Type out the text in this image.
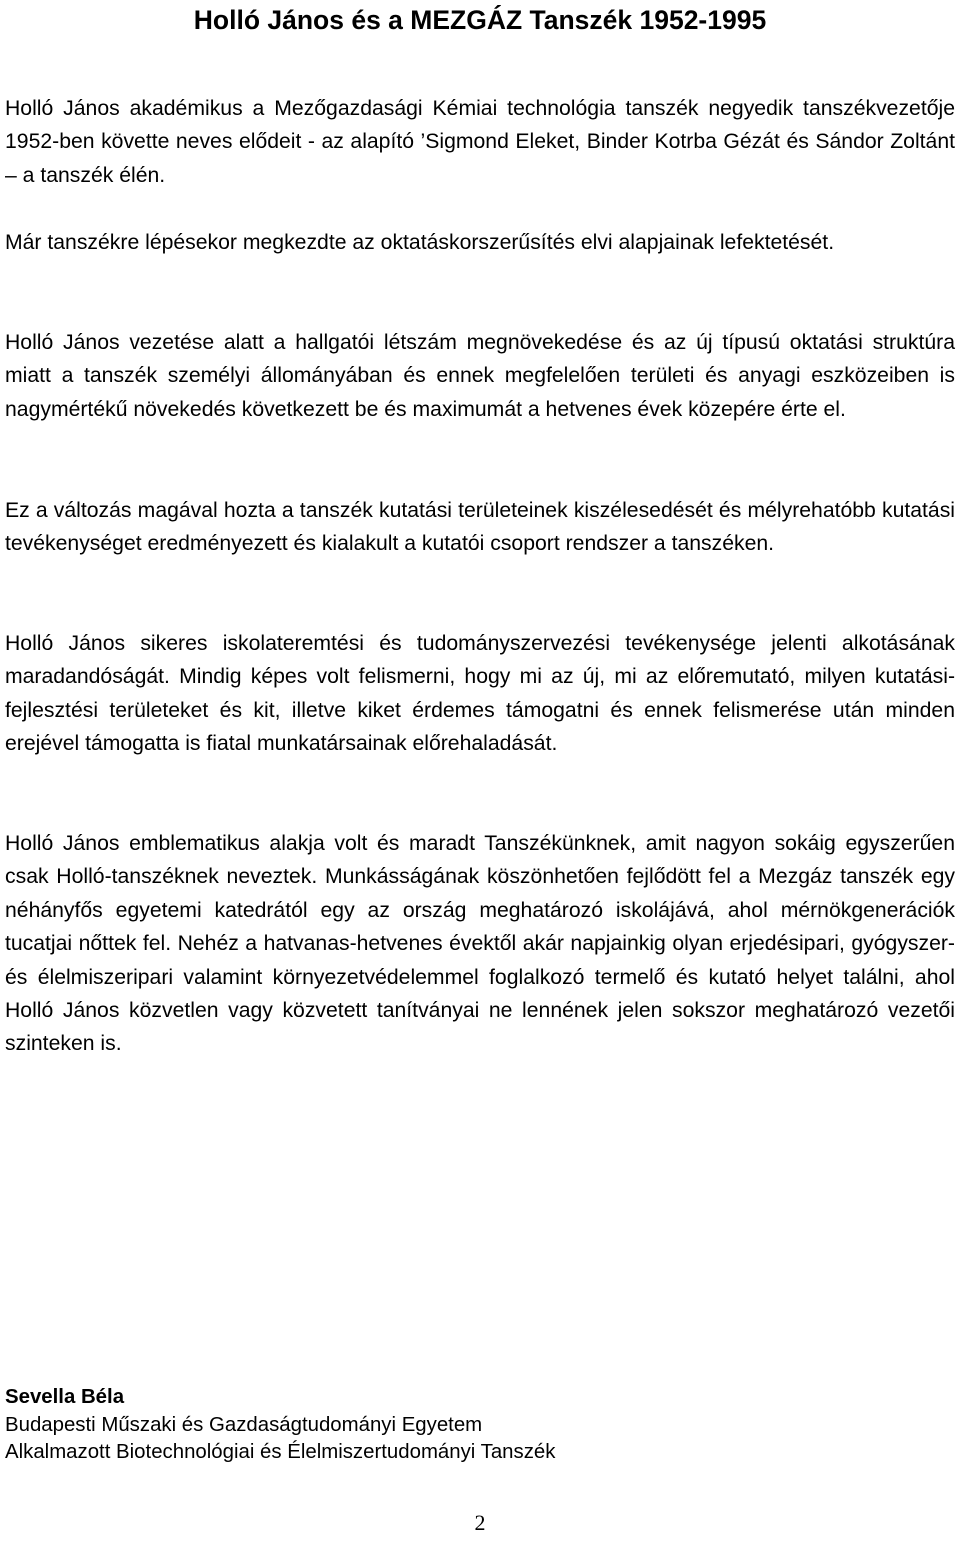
Holló János és a MEZGÁZ Tanszék 1952-1995

Holló János akadémikus a Mezőgazdasági Kémiai technológia tanszék negyedik tanszékvezetője 1952-ben követte neves elődeit - az alapító ’Sigmond Eleket, Binder Kotrba Gézát és Sándor Zoltánt – a tanszék élén.

Már tanszékre lépésekor megkezdte az oktatáskorszerűsítés elvi alapjainak lefektetését.

Holló János vezetése alatt a hallgatói létszám megnövekedése és az új típusú oktatási struktúra miatt a tanszék személyi állományában és ennek megfelelően területi és anyagi eszközeiben is nagymértékű növekedés következett be és maximumát a hetvenes évek közepére érte el.

Ez a változás magával hozta a tanszék kutatási területeinek kiszélesedését és mélyrehatóbb kutatási tevékenységet eredményezett és kialakult a kutatói csoport rendszer a tanszéken.

Holló János sikeres iskolateremtési és tudományszervezési tevékenysége jelenti alkotásának maradandóságát. Mindig képes volt felismerni, hogy mi az új, mi az előremutató, milyen kutatási-fejlesztési területeket és kit, illetve kiket érdemes támogatni és ennek felismerése után minden erejével támogatta is fiatal munkatársainak előrehaladását.

Holló János emblematikus alakja volt és maradt Tanszékünknek, amit nagyon sokáig egyszerűen csak Holló-tanszéknek neveztek. Munkásságának köszönhetően fejlődött fel a Mezgáz tanszék egy néhányfős egyetemi katedrától egy az ország meghatározó iskolájává, ahol mérnökgenerációk tucatjai nőttek fel. Nehéz a hatvanas-hetvenes évektől akár napjainkig olyan erjedésipari, gyógyszer- és élelmiszeripari valamint környezetvédelemmel foglalkozó termelő és kutató helyet találni, ahol Holló János közvetlen vagy közvetett tanítványai ne lennének jelen sokszor meghatározó vezetői szinteken is.

Sevella Béla
Budapesti Műszaki és Gazdaságtudományi Egyetem
Alkalmazott Biotechnológiai és Élelmiszertudományi Tanszék
2
